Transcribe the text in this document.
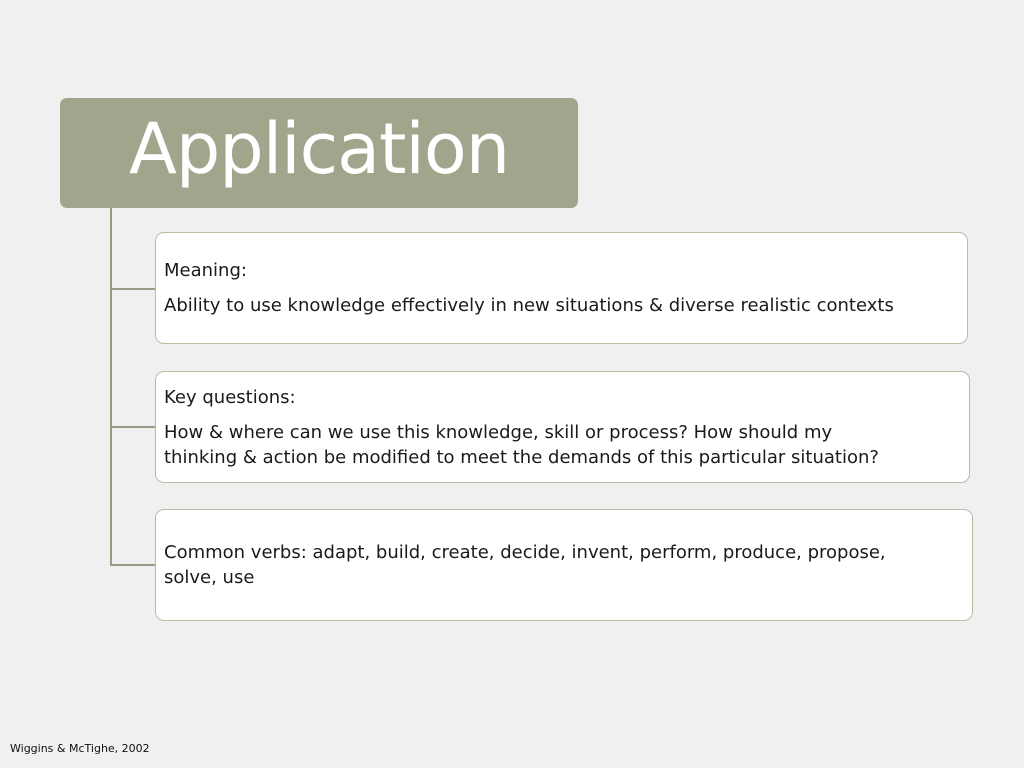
Application
Meaning:
Ability to use knowledge effectively in new situations & diverse realistic contexts
Key questions:
How & where can we use this knowledge, skill or process? How should my
thinking & action be modified to meet the demands of this particular situation?
Common verbs: adapt, build, create, decide, invent, perform, produce, propose,
solve, use
Wiggins & McTighe, 2002
